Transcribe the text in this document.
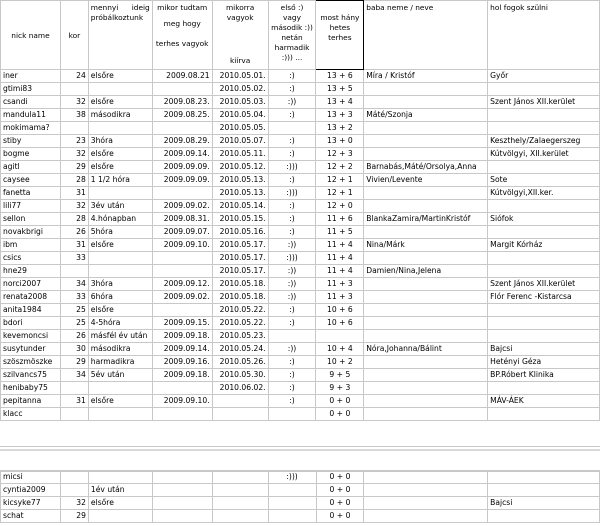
nick name	kor	mennyi ideig próbálkoztunk	mikor tudtam
meg hogy
terhes vagyok	mikorra vagyok
kiírva	első :) vagy második :)) netán harmadik :))) ...	most hány hetes terhes	baba neme / neve	hol fogok szülni
iner	24	elsőre	2009.08.21	2010.05.01.	:)	13 + 6	Míra / Kristóf	Győr
gtimi83				2010.05.02.	:)	13 + 5		
csandi	32	elsőre	2009.08.23.	2010.05.03.	:))	13 + 4		Szent János XII.kerület
mandula11	38	másodikra	2009.08.25.	2010.05.04.	:)	13 + 3	Máté/Szonja	
mokimama?				2010.05.05.		13 + 2		
stiby	23	3hóra	2009.08.29.	2010.05.07.	:)	13 + 0		Keszthely/Zalaegerszeg
bogme	32	elsőre	2009.09.14.	2010.05.11.	:)	12 + 3		Kútvölgyi, XII.kerület
agitl	29	elsőre	2009.09.09.	2010.05.12.	:)))	12 + 2	Barnabás,Máté/Orsolya,Anna	
caysee	28	1 1/2 hóra	2009.09.09.	2010.05.13.	:)	12 + 1	Vivien/Levente	Sote
fanetta	31			2010.05.13.	:)))	12 + 1		Kútvölgyi,XII.ker.
lili77	32	3év után	2009.09.02.	2010.05.14.	:)	12 + 0		
sellon	28	4.hónapban	2009.08.31.	2010.05.15.	:)	11 + 6	BlankaZamira/MartinKristóf	Siófok
novakbrigi	26	5hóra	2009.09.07.	2010.05.16.	:)	11 + 5		
ibm	31	elsőre	2009.09.10.	2010.05.17.	:))	11 + 4	Nina/Márk	Margit Kórház
csics	33			2010.05.17.	:)))	11 + 4		
hne29				2010.05.17.	:))	11 + 4	Damien/Nina,Jelena	
norci2007	34	3hóra	2009.09.12.	2010.05.18.	:))	11 + 3		Szent János XII.kerület
renata2008	33	6hóra	2009.09.02.	2010.05.18.	:))	11 + 3		Flór Ferenc -Kistarcsa
anita1984	25	elsőre		2010.05.22.	:)	10 + 6		
bdori	25	4-5hóra	2009.09.15.	2010.05.22.	:)	10 + 6		
kevemoncsi	26	másfél év után	2009.09.18.	2010.05.23.				
susytunder	30	másodikra	2009.09.14.	2010.05.24.	:))	10 + 4	Nóra,Johanna/Bálint	Bajcsi
szöszmöszke	29	harmadikra	2009.09.16.	2010.05.26.	:)	10 + 2		Hetényi Géza
szilvancs75	34	5év után	2009.09.18.	2010.05.30.	:)	9 + 5		BP.Róbert Klinika
henibaby75				2010.06.02.	:)	9 + 3		
pepitanna	31	elsőre	2009.09.10.		:)	0 + 0		MÁV-ÁEK
klacc						0 + 0		
micsi					:)))	0 + 0		
cyntia2009		1év után				0 + 0		
kicsyke77	32	elsőre				0 + 0		Bajcsi
schat	29					0 + 0		
